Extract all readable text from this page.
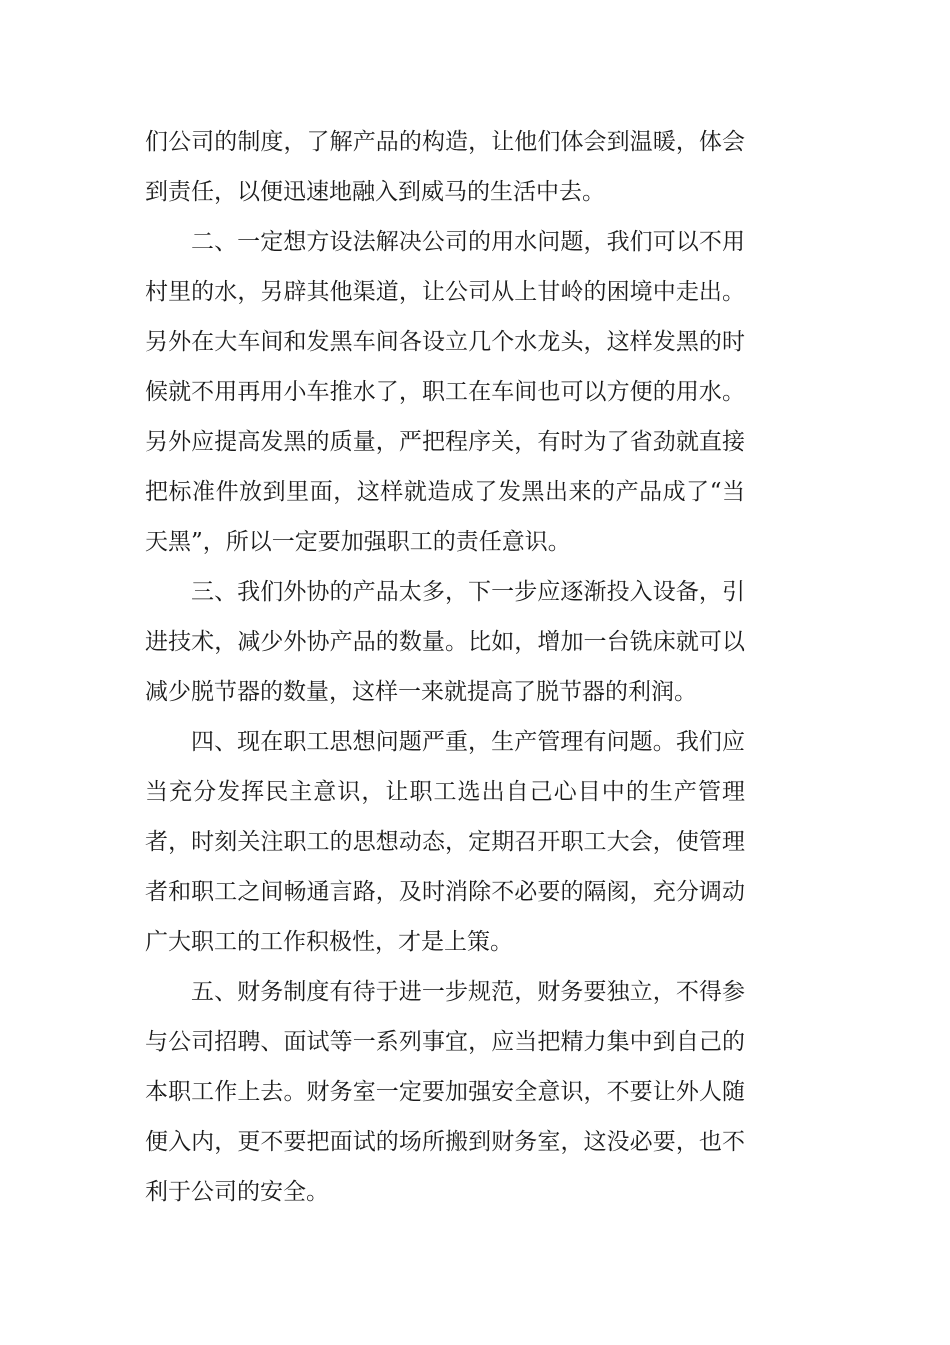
们公司的制度，了解产品的构造，让他们体会到温暖，体会到责任，以便迅速地融入到威马的生活中去。

二、一定想方设法解决公司的用水问题，我们可以不用村里的水，另辟其他渠道，让公司从上甘岭的困境中走出。另外在大车间和发黑车间各设立几个水龙头，这样发黑的时候就不用再用小车推水了，职工在车间也可以方便的用水。另外应提高发黑的质量，严把程序关，有时为了省劲就直接把标准件放到里面，这样就造成了发黑出来的产品成了“当天黑”，所以一定要加强职工的责任意识。

三、我们外协的产品太多，下一步应逐渐投入设备，引进技术，减少外协产品的数量。比如，增加一台铣床就可以减少脱节器的数量，这样一来就提高了脱节器的利润。

四、现在职工思想问题严重，生产管理有问题。我们应当充分发挥民主意识，让职工选出自己心目中的生产管理者，时刻关注职工的思想动态，定期召开职工大会，使管理者和职工之间畅通言路，及时消除不必要的隔阂，充分调动广大职工的工作积极性，才是上策。

五、财务制度有待于进一步规范，财务要独立，不得参与公司招聘、面试等一系列事宜，应当把精力集中到自己的本职工作上去。财务室一定要加强安全意识，不要让外人随便入内，更不要把面试的场所搬到财务室，这没必要，也不利于公司的安全。
